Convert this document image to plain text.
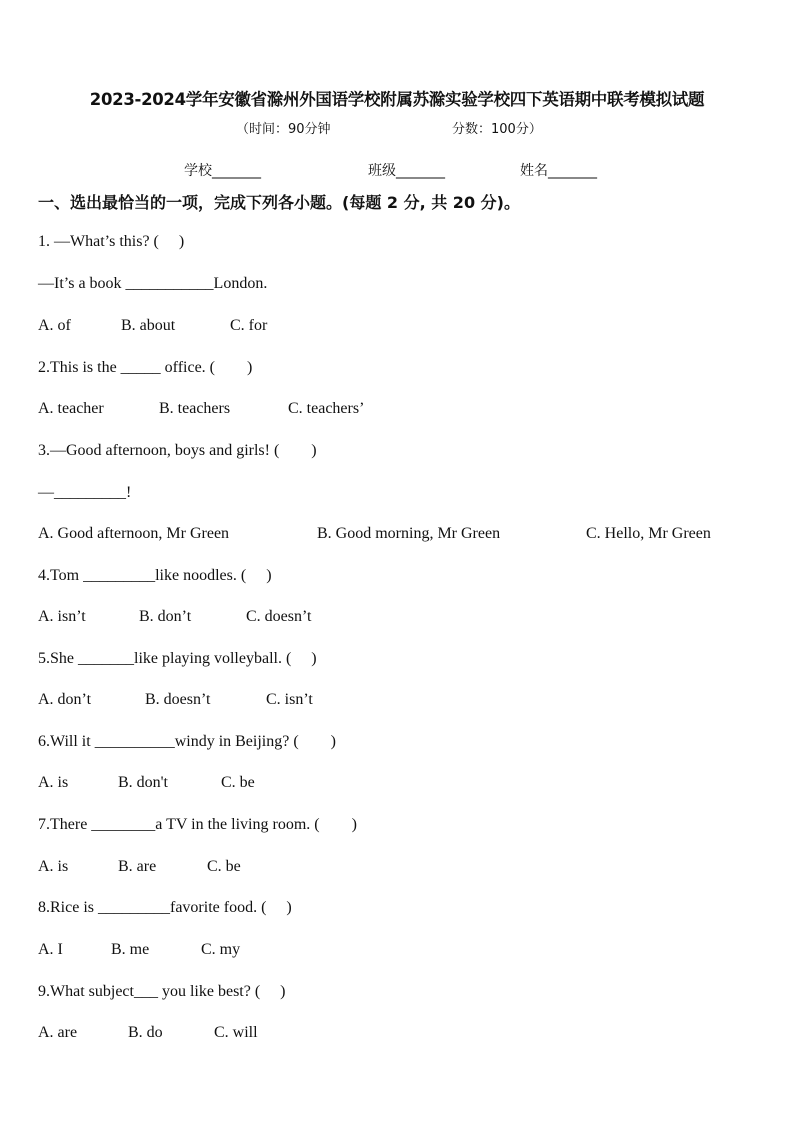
2023-2024学年安徽省滁州外国语学校附属苏滁实验学校四下英语期中联考模拟试题
（时间：90分钟	分数：100分）
学校_______	班级_______	姓名_______
一、选出最恰当的一项，完成下列各小题。(每题 2 分, 共 20 分)。
1. —What’s this? (　 )
—It’s a book ___________London.
A. of	B. about	C. for
2.This is the _____ office. (　　)
A. teacher	B. teachers	C. teachers’
3.—Good afternoon, boys and girls! (　　)
—_________!
A. Good afternoon, Mr Green	B. Good morning, Mr Green	C. Hello, Mr Green
4.Tom _________like noodles. (　 )
A. isn’t	B. don’t	C. doesn’t
5.She _______like playing volleyball. (　 )
A. don’t	B. doesn’t	C. isn’t
6.Will it __________windy in Beijing? (　　)
A. is	B. don't	C. be
7.There ________a TV in the living room. (　　)
A. is	B. are	C. be
8.Rice is _________favorite food. (　 )
A. I	B. me	C. my
9.What subject___ you like best? (　 )
A. are	B. do	C. will
